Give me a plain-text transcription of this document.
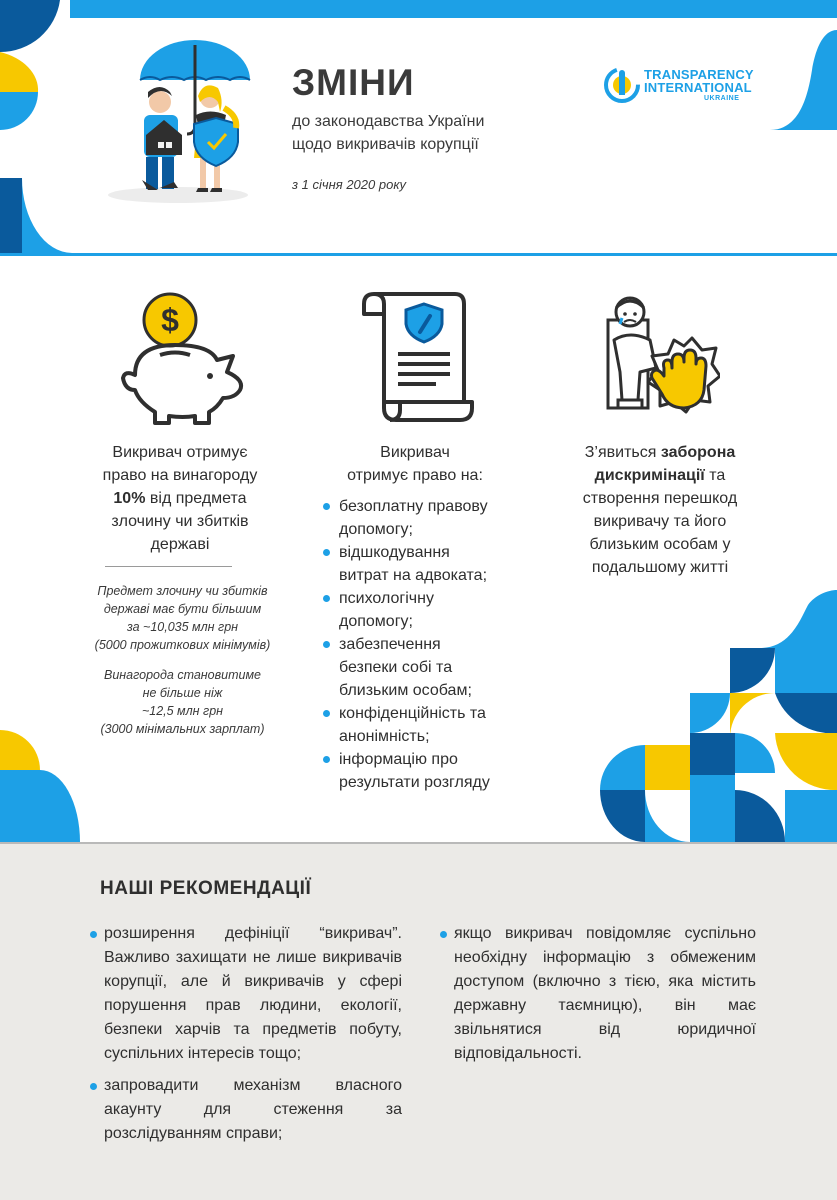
ЗМІНИ
до законодавства України
щодо викривачів корупції
з 1 січня 2020 року
TRANSPARENCY
INTERNATIONAL
UKRAINE
$
Викривач отримує
право на винагороду
10% від предмета
злочину чи збитків
державі
Предмет злочину чи збитків
державі має бути більшим
за ~10,035 млн грн
(5000 прожиткових мінімумів)
Винагорода становитиме
не більше ніж
~12,5 млн грн
(3000 мінімальних зарплат)
Викривач
отримує право на:
безоплатну правову
допомогу;
відшкодування
витрат на адвоката;
психологічну
допомогу;
забезпечення
безпеки собі та
близьким особам;
конфіденційність та
анонімність;
інформацію про
результати розгляду
З’явиться заборона
дискримінації та
створення перешкод
викривачу та його
близьким особам у
подальшому житті
НАШІ РЕКОМЕНДАЦІЇ
розширення дефініції “викривач”. Важливо захищати не лише викривачів корупції, але й викривачів у сфері порушення прав людини, екології, безпеки харчів та предметів побуту, суспільних інтересів тощо;
запровадити механізм власного акаунту для стеження за розслідуванням справи;
якщо викривач повідомляє суспільно необхідну інформацію з обмеженим доступом (включно з тією, яка містить державну таємницю), він має звільнятися від юридичної відповідальності.
